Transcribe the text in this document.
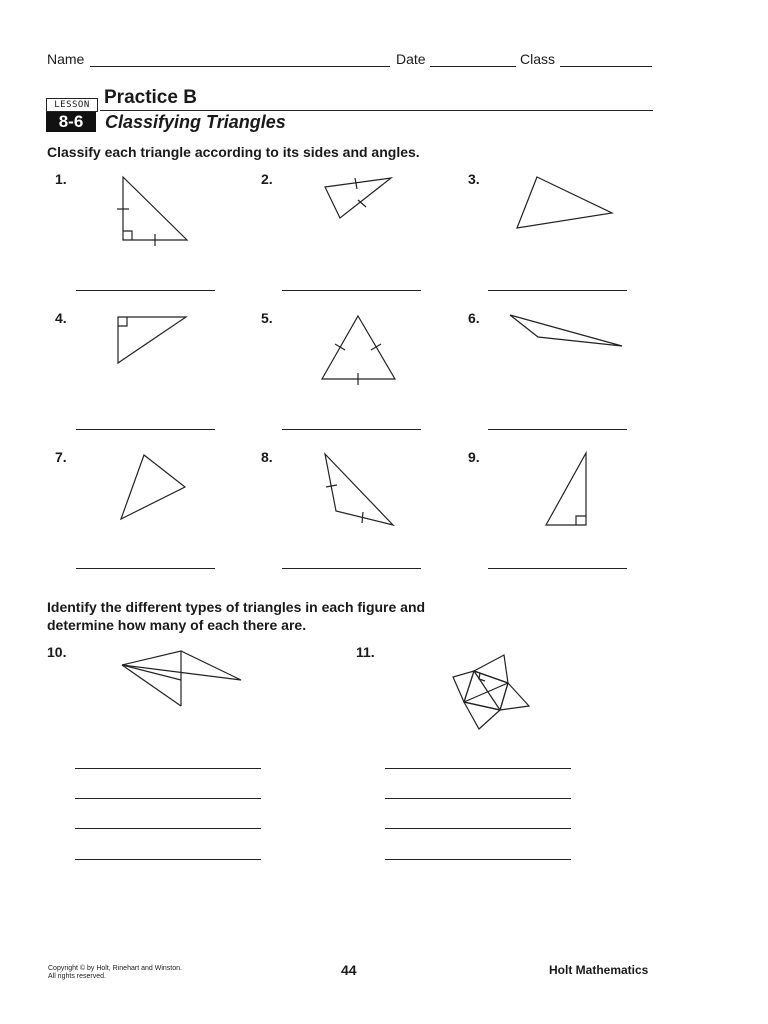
Name	Date	Class
LESSON
8-6
Practice B
Classifying Triangles
Classify each triangle according to its sides and angles.
1.	2.	3.
4.	5.	6.
7.	8.	9.
Identify the different types of triangles in each figure and
determine how many of each there are.
10.	11.
Copyright © by Holt, Rinehart and Winston.
All rights reserved.	44	Holt Mathematics
